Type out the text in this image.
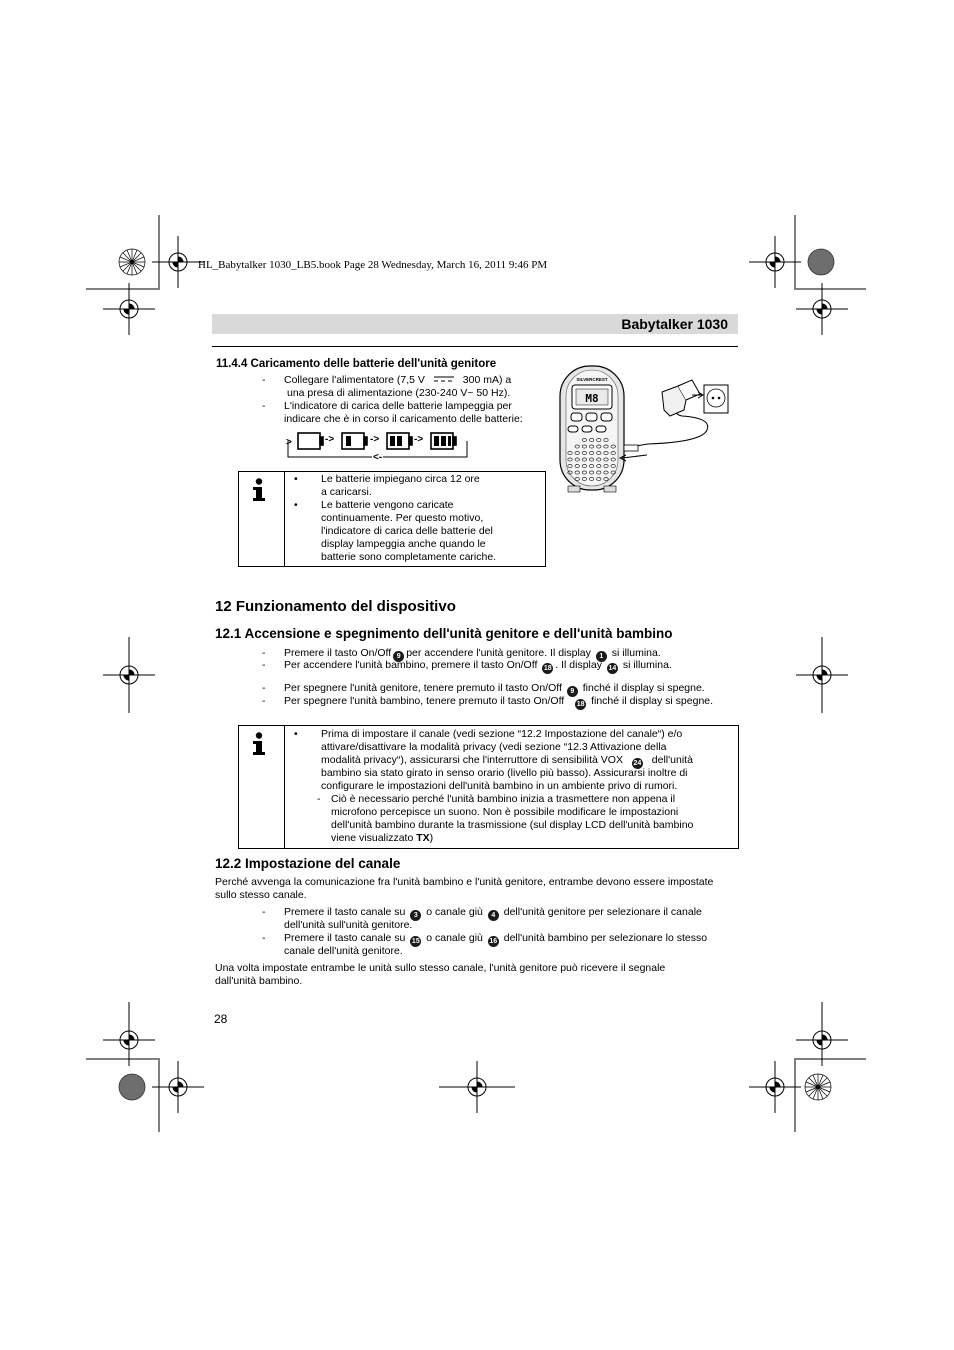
HL_Babytalker 1030_LB5.book Page 28 Wednesday, March 16, 2011 9:46 PM
Babytalker 1030
11.4.4 Caricamento delle batterie dell'unità genitore
- Collegare l'alimentatore (7,5 V	300 mA) a
una presa di alimentazione (230-240 V~ 50 Hz).
- L'indicatore di carica delle batterie lampeggia per
indicare che è in corso il caricamento delle batterie:
>	->	->	->
<-
• Le batterie impiegano circa 12 ore
a caricarsi.
• Le batterie vengono caricate
continuamente. Per questo motivo,
l'indicatore di carica delle batterie del
display lampeggia anche quando le
batterie sono completamente cariche.
SILVERCREST
M8
12 Funzionamento del dispositivo
12.1 Accensione e spegnimento dell'unità genitore e dell'unità bambino
- Premere il tasto On/Off 9 per accendere l'unità genitore. Il display 1 si illumina.
- Per accendere l'unità bambino, premere il tasto On/Off 18 . Il display 14 si illumina.
- Per spegnere l'unità genitore, tenere premuto il tasto On/Off 9 finché il display si spegne.
- Per spegnere l'unità bambino, tenere premuto il tasto On/Off 18 finché il display si spegne.
• Prima di impostare il canale (vedi sezione “12.2 Impostazione del canale“) e/o
attivare/disattivare la modalità privacy (vedi sezione “12.3 Attivazione della
modalità privacy“), assicurarsi che l'interruttore di sensibilità VOX 24 dell'unità
bambino sia stato girato in senso orario (livello più basso). Assicurarsi inoltre di
configurare le impostazioni dell'unità bambino in un ambiente privo di rumori.
- Ciò è necessario perché l'unità bambino inizia a trasmettere non appena il
microfono percepisce un suono. Non è possibile modificare le impostazioni
dell'unità bambino durante la trasmissione (sul display LCD dell'unità bambino
viene visualizzato TX)
12.2 Impostazione del canale
Perché avvenga la comunicazione fra l'unità bambino e l'unità genitore, entrambe devono essere impostate
sullo stesso canale.
- Premere il tasto canale su 3 o canale giù 4 dell'unità genitore per selezionare il canale
dell'unità sull'unità genitore.
- Premere il tasto canale su 15 o canale giù 16 dell'unità bambino per selezionare lo stesso
canale dell'unità genitore.
Una volta impostate entrambe le unità sullo stesso canale, l'unità genitore può ricevere il segnale
dall'unità bambino.
28
